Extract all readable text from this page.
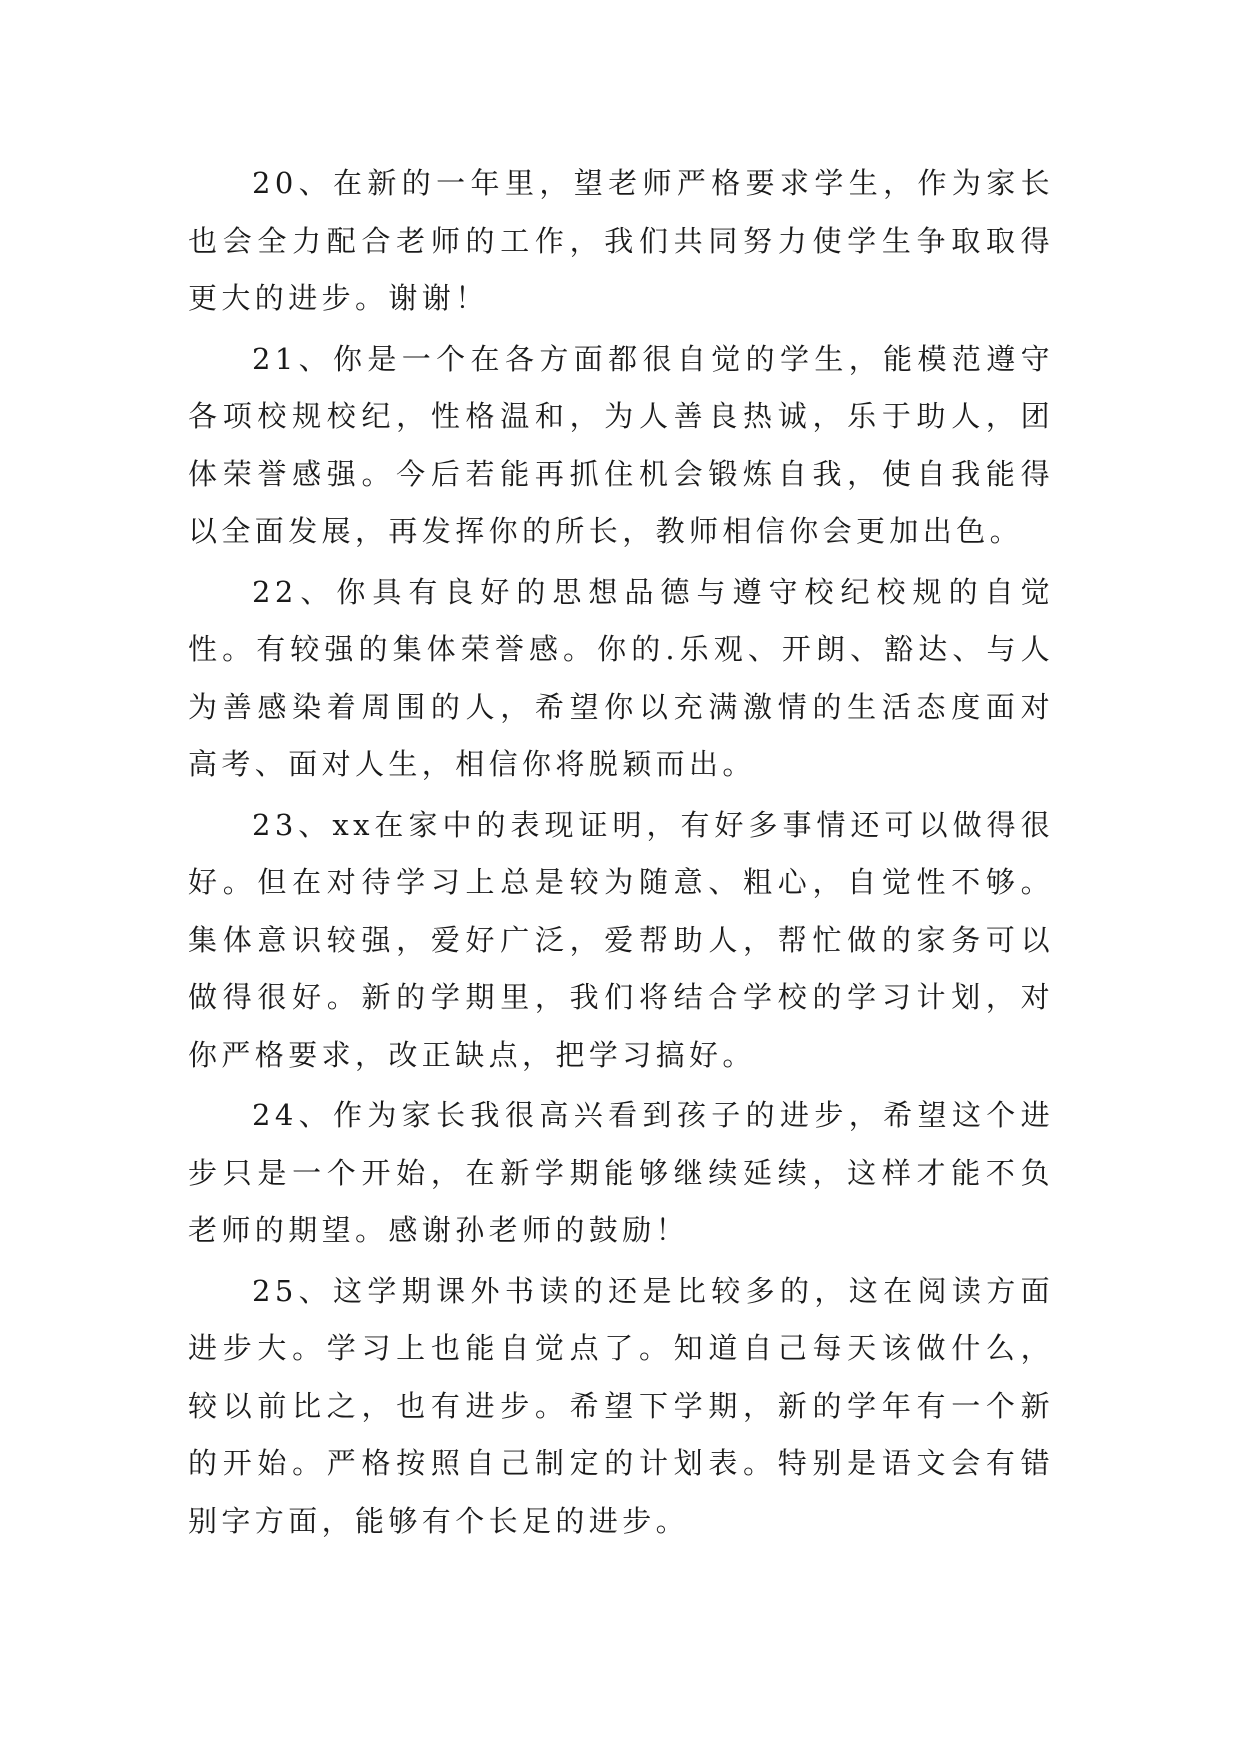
20、在新的一年里，望老师严格要求学生，作为家长也会全力配合老师的工作，我们共同努力使学生争取取得更大的进步。谢谢！

21、你是一个在各方面都很自觉的学生，能模范遵守各项校规校纪，性格温和，为人善良热诚，乐于助人，团体荣誉感强。今后若能再抓住机会锻炼自我，使自我能得以全面发展，再发挥你的所长，教师相信你会更加出色。

22、你具有良好的思想品德与遵守校纪校规的自觉性。有较强的集体荣誉感。你的.乐观、开朗、豁达、与人为善感染着周围的人，希望你以充满激情的生活态度面对高考、面对人生，相信你将脱颖而出。

23、xx在家中的表现证明，有好多事情还可以做得很好。但在对待学习上总是较为随意、粗心，自觉性不够。集体意识较强，爱好广泛，爱帮助人，帮忙做的家务可以做得很好。新的学期里，我们将结合学校的学习计划，对你严格要求，改正缺点，把学习搞好。

24、作为家长我很高兴看到孩子的进步，希望这个进步只是一个开始，在新学期能够继续延续，这样才能不负老师的期望。感谢孙老师的鼓励！

25、这学期课外书读的还是比较多的，这在阅读方面进步大。学习上也能自觉点了。知道自己每天该做什么，较以前比之，也有进步。希望下学期，新的学年有一个新的开始。严格按照自己制定的计划表。特别是语文会有错别字方面，能够有个长足的进步。
